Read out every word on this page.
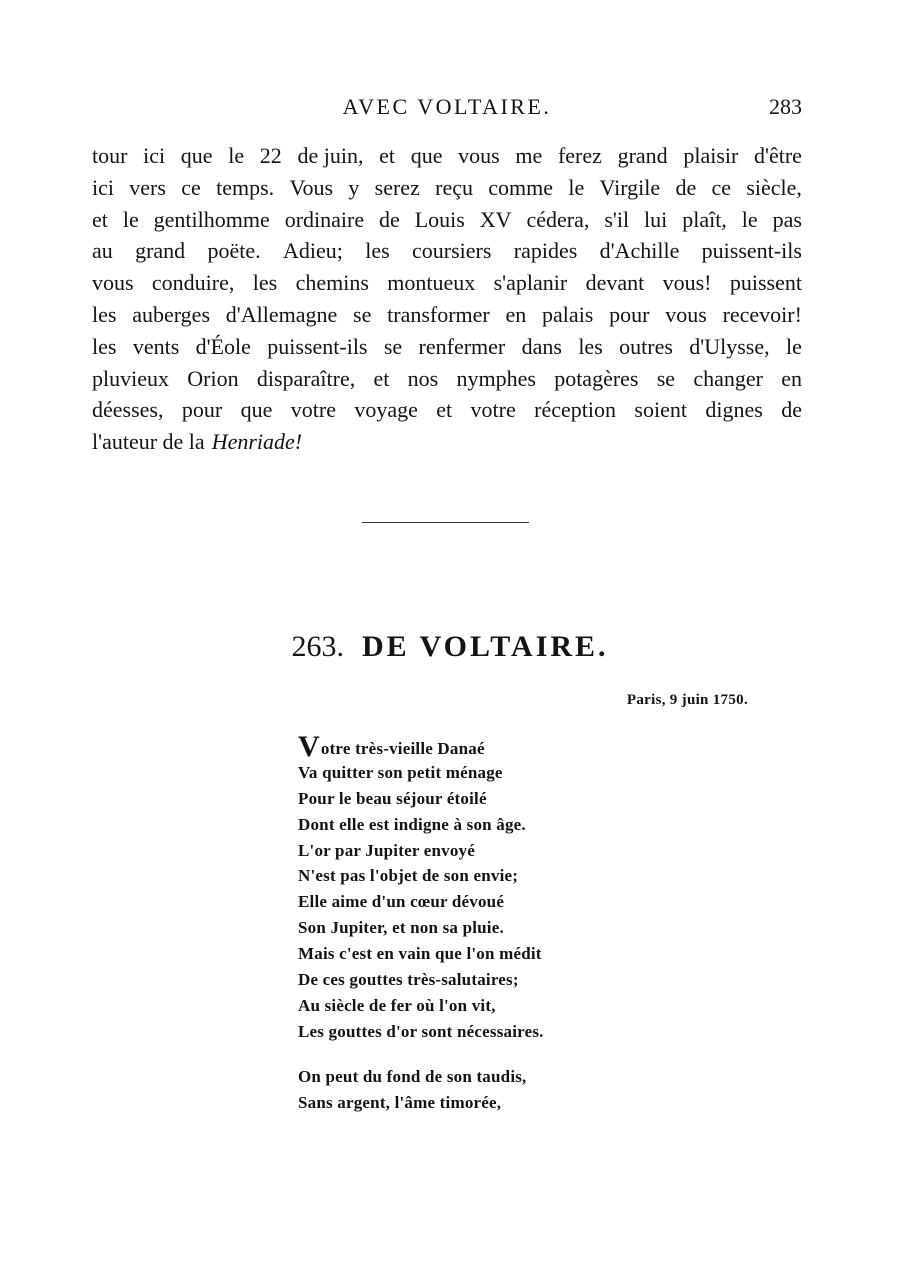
AVEC VOLTAIRE.	283
tour ici que le 22 de juin, et que vous me ferez grand plaisir d'être
ici vers ce temps. Vous y serez reçu comme le Virgile de ce siècle,
et le gentilhomme ordinaire de Louis XV cédera, s'il lui plaît, le pas
au grand poëte. Adieu; les coursiers rapides d'Achille puissent-ils
vous conduire, les chemins montueux s'aplanir devant vous! puissent
les auberges d'Allemagne se transformer en palais pour vous recevoir!
les vents d'Éole puissent-ils se renfermer dans les outres d'Ulysse, le
pluvieux Orion disparaître, et nos nymphes potagères se changer en
déesses, pour que votre voyage et votre réception soient dignes de
l'auteur de la Henriade!
263. DE VOLTAIRE.
Paris, 9 juin 1750.
Votre très-vieille Danaé
Va quitter son petit ménage
Pour le beau séjour étoilé
Dont elle est indigne à son âge.
L'or par Jupiter envoyé
N'est pas l'objet de son envie;
Elle aime d'un cœur dévoué
Son Jupiter, et non sa pluie.
Mais c'est en vain que l'on médit
De ces gouttes très-salutaires;
Au siècle de fer où l'on vit,
Les gouttes d'or sont nécessaires.
On peut du fond de son taudis,
Sans argent, l'âme timorée,
